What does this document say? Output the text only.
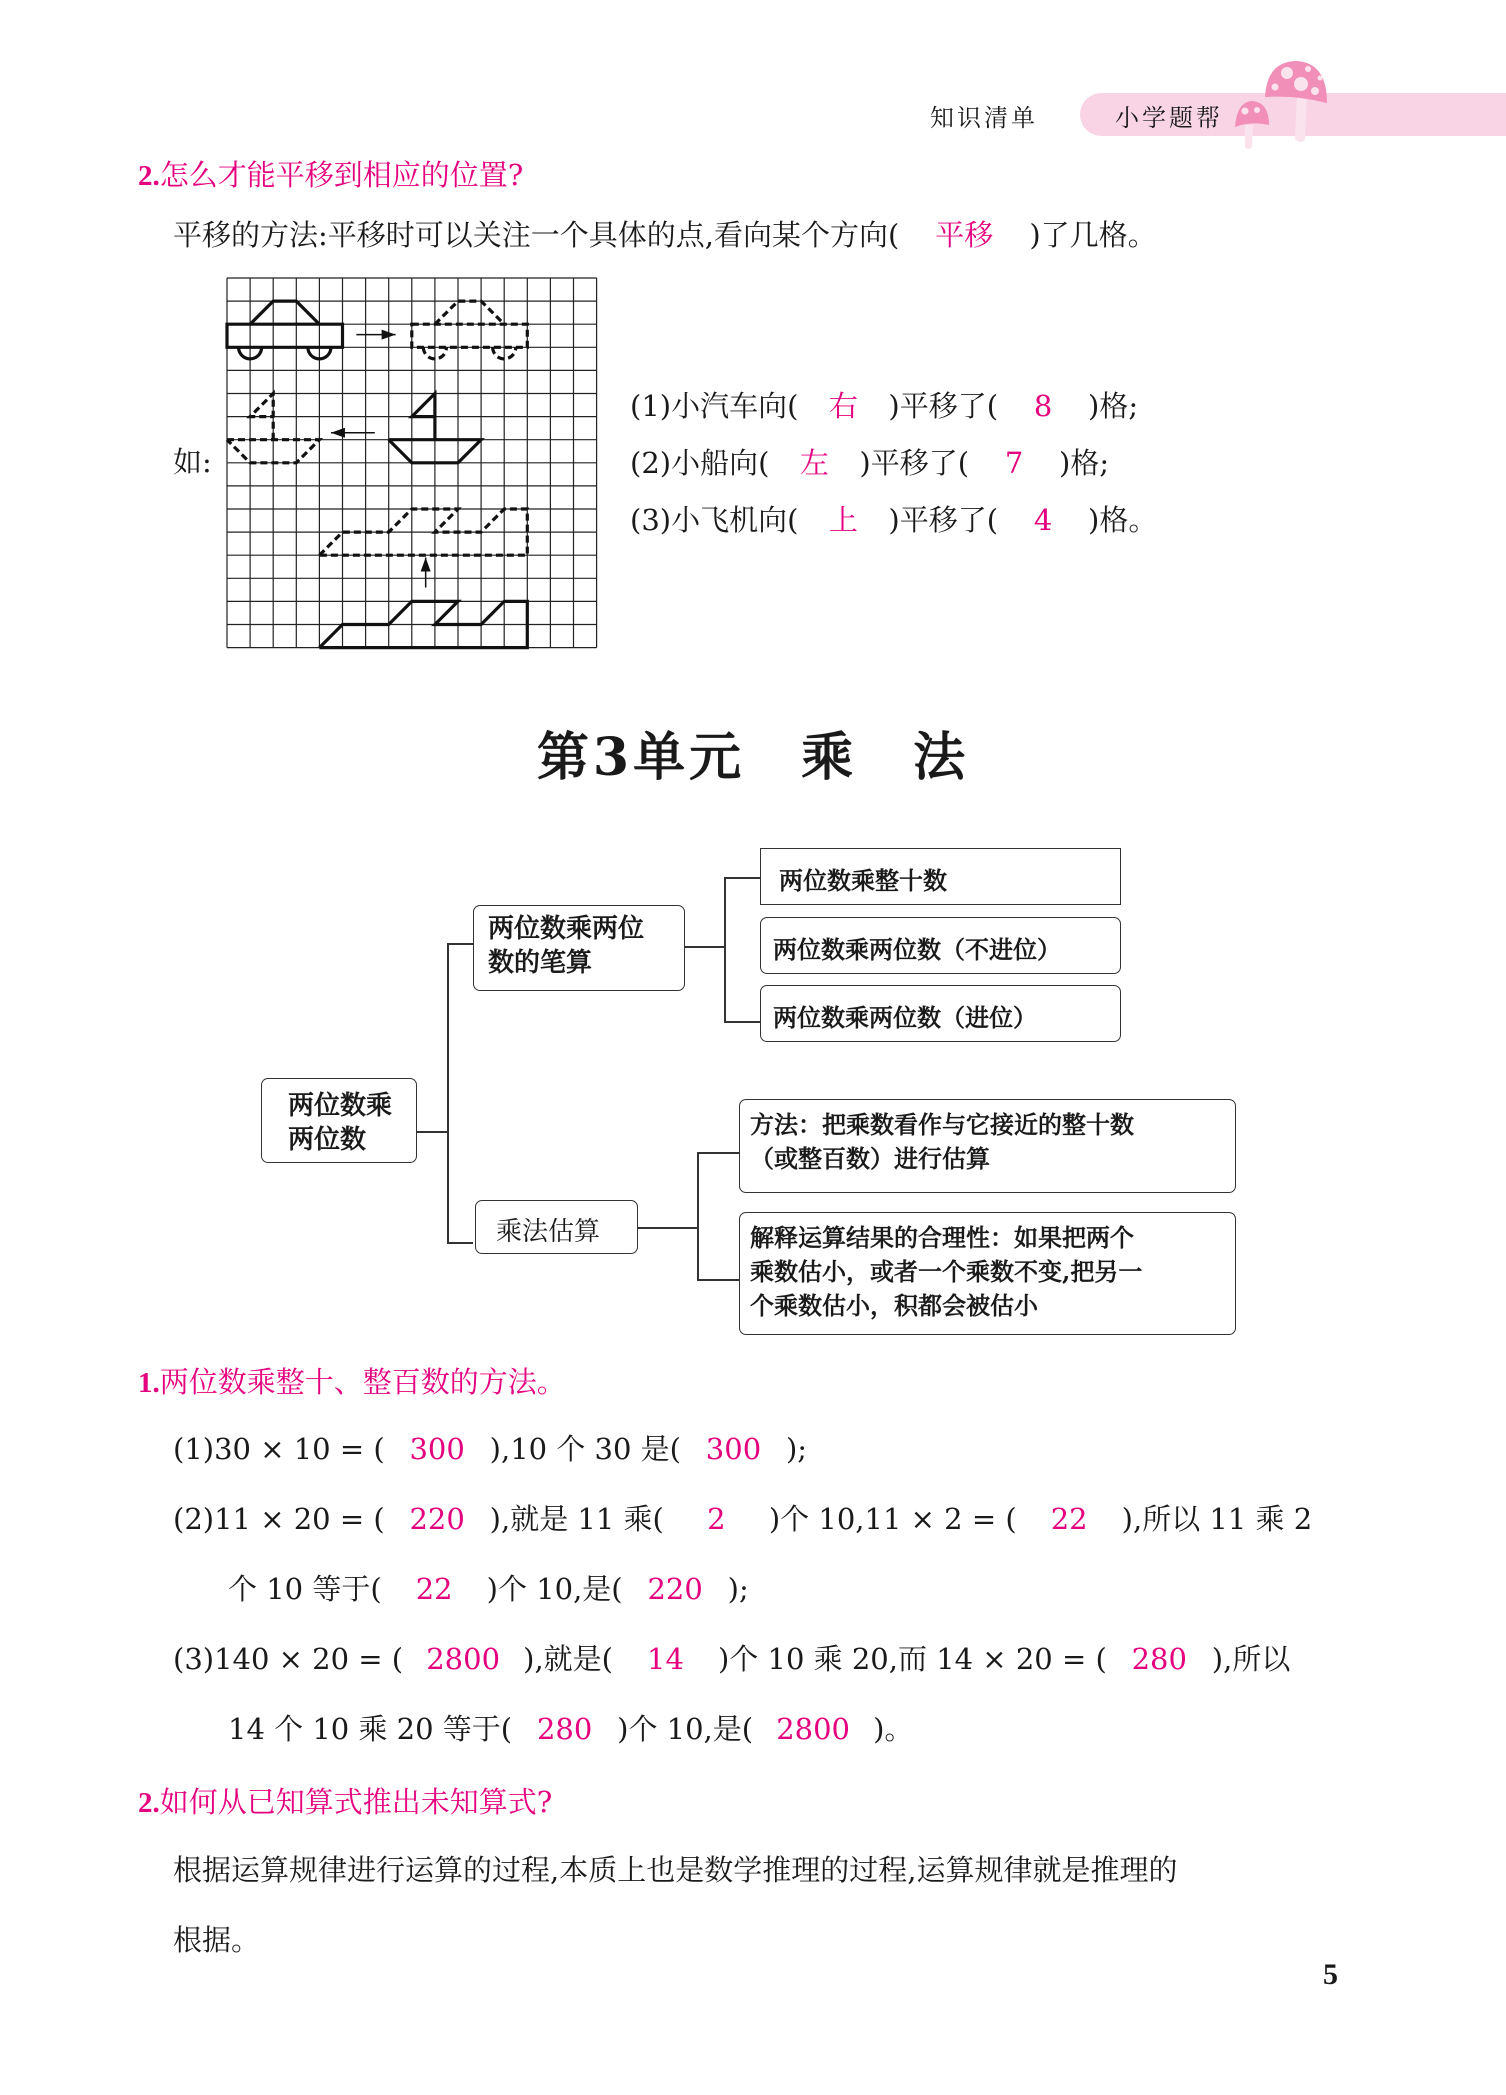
知识清单	小学题帮
2.怎么才能平移到相应的位置?
平移的方法:平移时可以关注一个具体的点,看向某个方向( 平移 )了几格。
如:
(1)小汽车向( 右 )平移了( 8 )格;
(2)小船向( 左 )平移了( 7 )格;
(3)小飞机向( 上 )平移了( 4 )格。
第3单元　乘　法
两位数乘
两位数
两位数乘两位
数的笔算
两位数乘整十数
两位数乘两位数（不进位）
两位数乘两位数（进位）
乘法估算
方法：把乘数看作与它接近的整十数
（或整百数）进行估算
解释运算结果的合理性：如果把两个
乘数估小，或者一个乘数不变,把另一
个乘数估小，积都会被估小
1.两位数乘整十、整百数的方法。
(1)30 × 10 = ( 300 ),10 个 30 是( 300 );
(2)11 × 20 = ( 220 ),就是 11 乘( 2 )个 10,11 × 2 = ( 22 ),所以 11 乘 2
个 10 等于( 22 )个 10,是( 220 );
(3)140 × 20 = ( 2800 ),就是( 14 )个 10 乘 20,而 14 × 20 = ( 280 ),所以
14 个 10 乘 20 等于( 280 )个 10,是( 2800 )。
2.如何从已知算式推出未知算式?
根据运算规律进行运算的过程,本质上也是数学推理的过程,运算规律就是推理的
根据。
5
